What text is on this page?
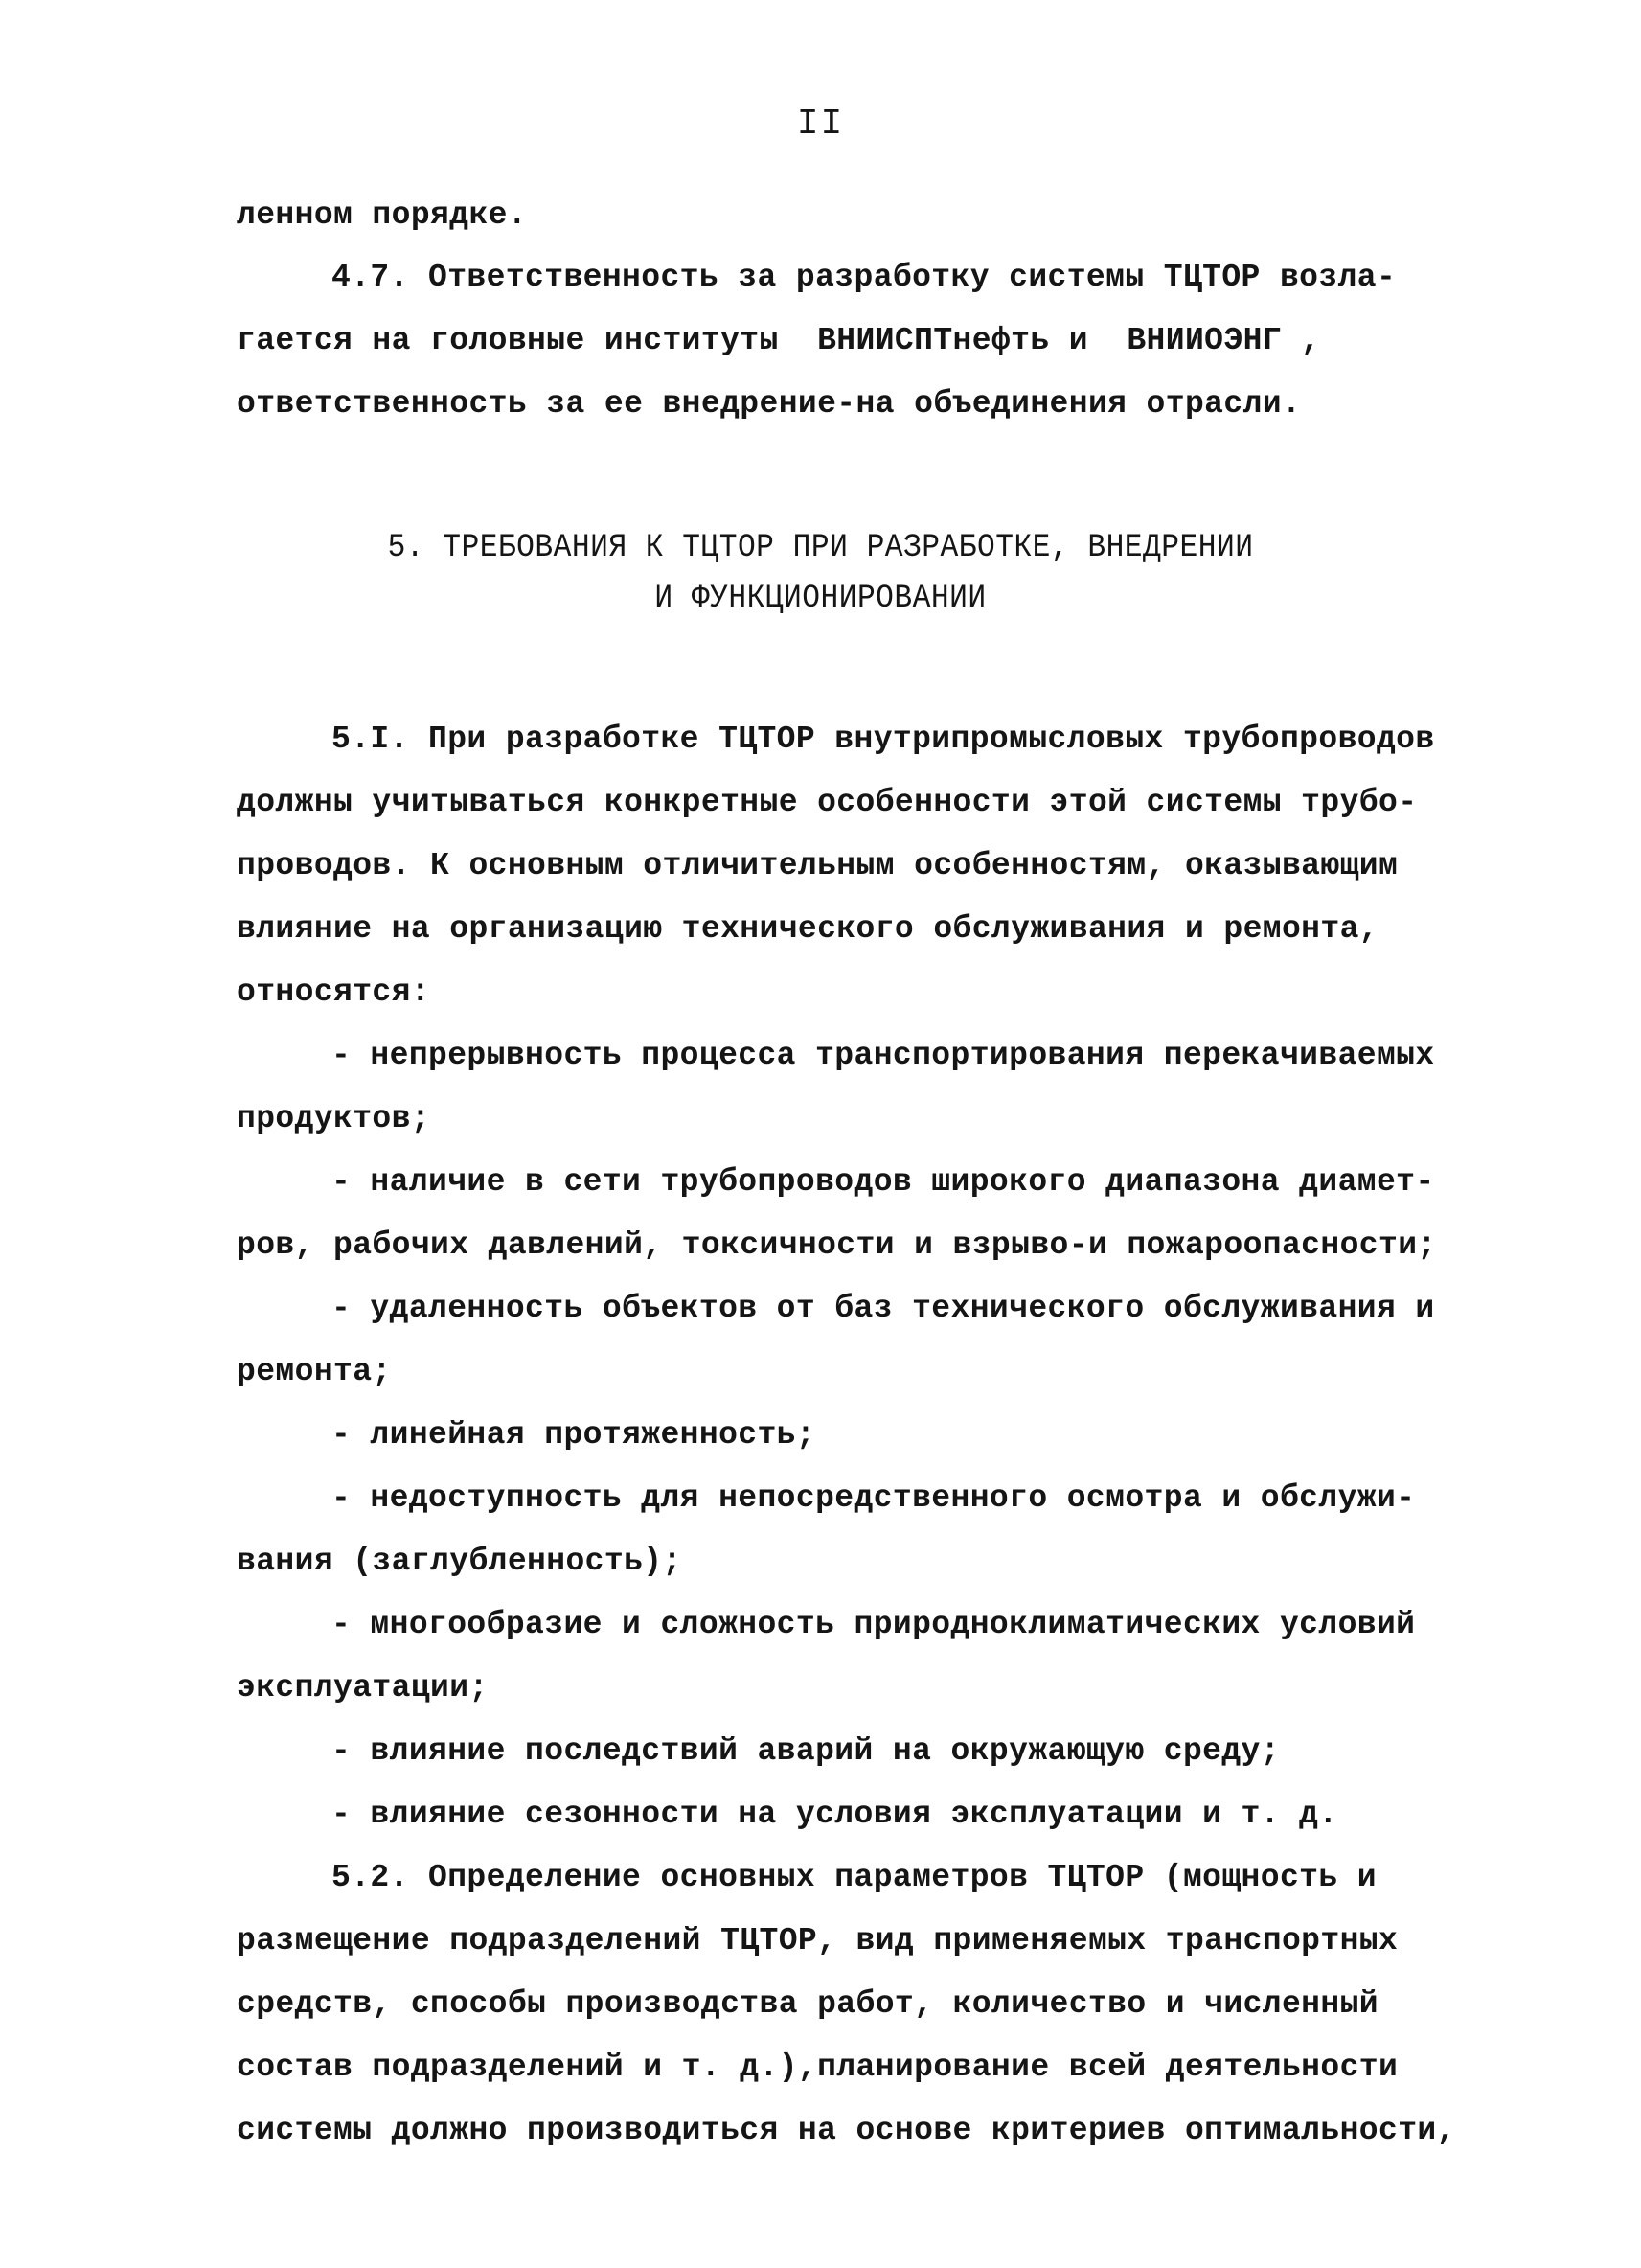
II
ленном порядке.
4.7. Ответственность за разработку системы ТЦТОР возла-
гается на головные институты  ВНИИСПТнефть и  ВНИИОЭНГ ,
ответственность за ее внедрение-на объединения отрасли.
5. ТРЕБОВАНИЯ К ТЦТОР ПРИ РАЗРАБОТКЕ, ВНЕДРЕНИИ
И ФУНКЦИОНИРОВАНИИ
5.I. При разработке ТЦТОР внутрипромысловых трубопроводов
должны учитываться конкретные особенности этой системы трубо-
проводов. К основным отличительным особенностям, оказывающим
влияние на организацию технического обслуживания и ремонта,
относятся:
- непрерывность процесса транспортирования перекачиваемых
продуктов;
- наличие в сети трубопроводов широкого диапазона диамет-
ров, рабочих давлений, токсичности и взрыво-и пожароопасности;
- удаленность объектов от баз технического обслуживания и
ремонта;
- линейная протяженность;
- недоступность для непосредственного осмотра и обслужи-
вания (заглубленность);
- многообразие и сложность природноклиматических условий
эксплуатации;
- влияние последствий аварий на окружающую среду;
- влияние сезонности на условия эксплуатации и т. д.
5.2. Определение основных параметров ТЦТОР (мощность и
размещение подразделений ТЦТОР, вид применяемых транспортных
средств, способы производства работ, количество и численный
состав подразделений и т. д.),планирование всей деятельности
системы должно производиться на основе критериев оптимальности,
